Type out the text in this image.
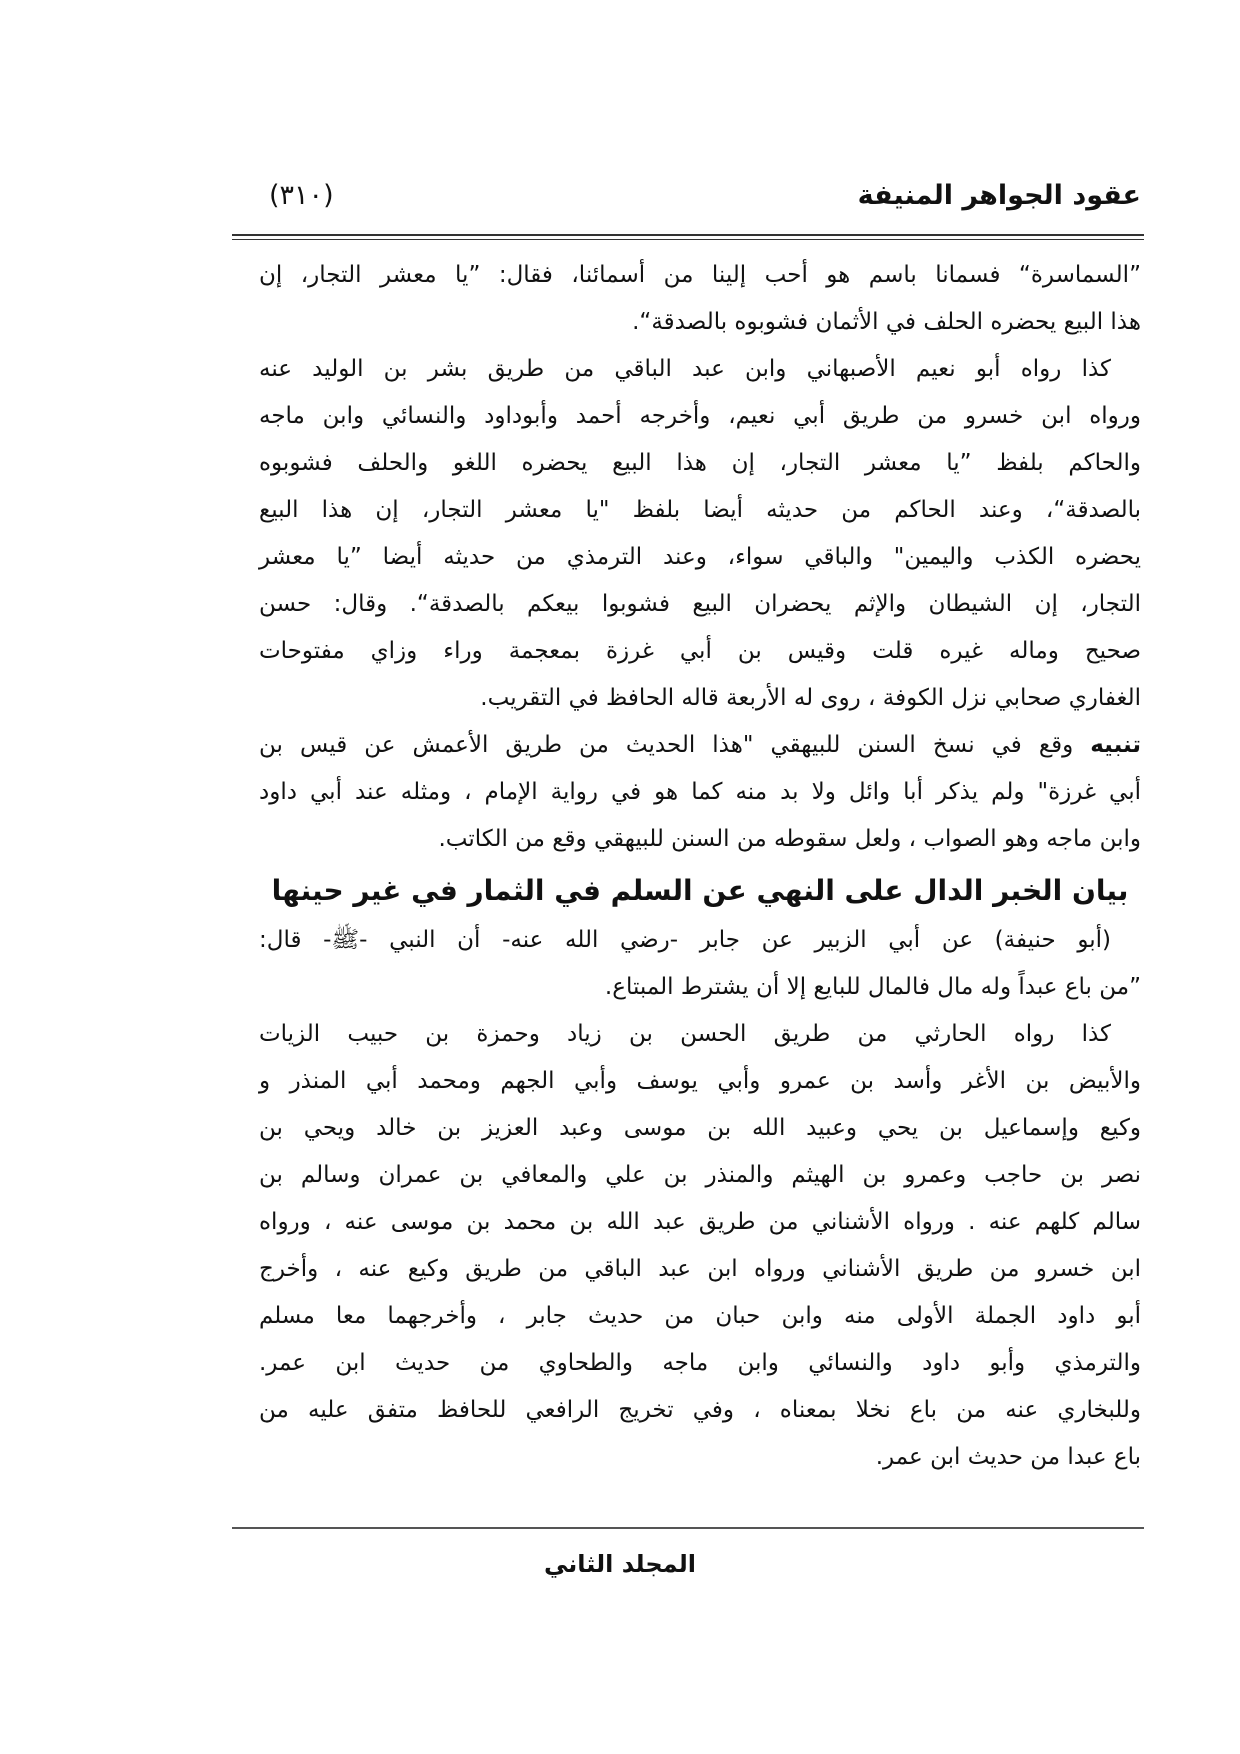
عقود الجواهر المنيفة
(٣١٠)
”السماسرة“ فسمانا باسم هو أحب إلينا من أسمائنا، فقال: ”يا معشر التجار، إن
هذا البيع يحضره الحلف في الأثمان فشوبوه بالصدقة“.
كذا رواه أبو نعيم الأصبهاني وابن عبد الباقي من طريق بشر بن الوليد عنه
ورواه ابن خسرو من طريق أبي نعيم، وأخرجه أحمد وأبوداود والنسائي وابن ماجه
والحاكم بلفظ ”يا معشر التجار، إن هذا البيع يحضره اللغو والحلف فشوبوه
بالصدقة“، وعند الحاكم من حديثه أيضا بلفظ "يا معشر التجار، إن هذا البيع
يحضره الكذب واليمين" والباقي سواء، وعند الترمذي من حديثه أيضا ”يا معشر
التجار، إن الشيطان والإثم يحضران البيع فشوبوا بيعكم بالصدقة“. وقال: حسن
صحيح وماله غيره قلت وقيس بن أبي غرزة بمعجمة وراء وزاي مفتوحات
الغفاري صحابي نزل الكوفة ، روى له الأربعة قاله الحافظ في التقريب.
تنبيه وقع في نسخ السنن للبيهقي "هذا الحديث من طريق الأعمش عن قيس بن
أبي غرزة" ولم يذكر أبا وائل ولا بد منه كما هو في رواية الإمام ، ومثله عند أبي داود
وابن ماجه وهو الصواب ، ولعل سقوطه من السنن للبيهقي وقع من الكاتب.
بيان الخبر الدال على النهي عن السلم في الثمار في غير حينها
(أبو حنيفة) عن أبي الزبير عن جابر -رضي الله عنه- أن النبي -ﷺ- قال:
”من باع عبداً وله مال فالمال للبايع إلا أن يشترط المبتاع.
كذا رواه الحارثي من طريق الحسن بن زياد وحمزة بن حبيب الزيات
والأبيض بن الأغر وأسد بن عمرو وأبي يوسف وأبي الجهم ومحمد أبي المنذر و
وكيع وإسماعيل بن يحي وعبيد الله بن موسى وعبد العزيز بن خالد ويحي بن
نصر بن حاجب وعمرو بن الهيثم والمنذر بن علي والمعافي بن عمران وسالم بن
سالم كلهم عنه . ورواه الأشناني من طريق عبد الله بن محمد بن موسى عنه ، ورواه
ابن خسرو من طريق الأشناني ورواه ابن عبد الباقي من طريق وكيع عنه ، وأخرج
أبو داود الجملة الأولى منه وابن حبان من حديث جابر ، وأخرجهما معا مسلم
والترمذي وأبو داود والنسائي وابن ماجه والطحاوي من حديث ابن عمر.
وللبخاري عنه من باع نخلا بمعناه ، وفي تخريج الرافعي للحافظ متفق عليه من
باع عبدا من حديث ابن عمر.
المجلد الثاني
